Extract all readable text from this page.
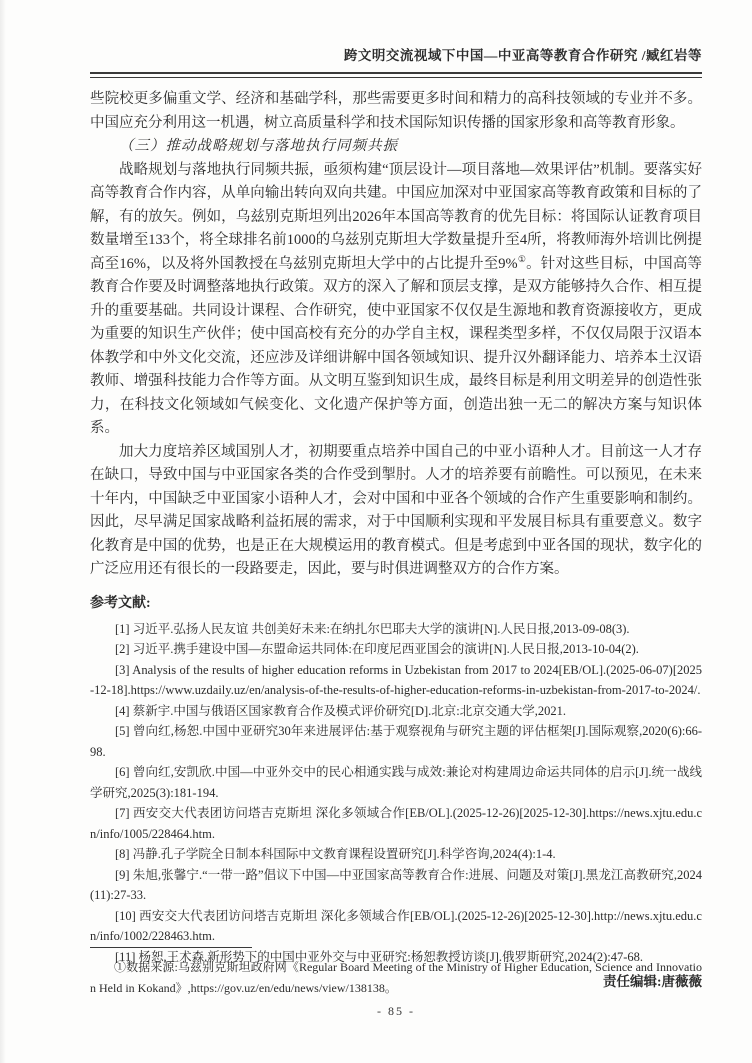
跨文明交流视域下中国—中亚高等教育合作研究 /臧红岩等

些院校更多偏重文学、经济和基础学科，那些需要更多时间和精力的高科技领域的专业并不多。中国应充分利用这一机遇，树立高质量科学和技术国际知识传播的国家形象和高等教育形象。

（三）推动战略规划与落地执行同频共振

战略规划与落地执行同频共振，亟须构建“顶层设计—项目落地—效果评估”机制。要落实好高等教育合作内容，从单向输出转向双向共建。中国应加深对中亚国家高等教育政策和目标的了解，有的放矢。例如，乌兹别克斯坦列出2026年本国高等教育的优先目标：将国际认证教育项目数量增至133个，将全球排名前1000的乌兹别克斯坦大学数量提升至4所，将教师海外培训比例提高至16%，以及将外国教授在乌兹别克斯坦大学中的占比提升至9%①。针对这些目标，中国高等教育合作要及时调整落地执行政策。双方的深入了解和顶层支撑，是双方能够持久合作、相互提升的重要基础。共同设计课程、合作研究，使中亚国家不仅仅是生源地和教育资源接收方，更成为重要的知识生产伙伴；使中国高校有充分的办学自主权，课程类型多样，不仅仅局限于汉语本体教学和中外文化交流，还应涉及详细讲解中国各领域知识、提升汉外翻译能力、培养本土汉语教师、增强科技能力合作等方面。从文明互鉴到知识生成，最终目标是利用文明差异的创造性张力，在科技文化领域如气候变化、文化遗产保护等方面，创造出独一无二的解决方案与知识体系。

加大力度培养区域国别人才，初期要重点培养中国自己的中亚小语种人才。目前这一人才存在缺口，导致中国与中亚国家各类的合作受到掣肘。人才的培养要有前瞻性。可以预见，在未来十年内，中国缺乏中亚国家小语种人才，会对中国和中亚各个领域的合作产生重要影响和制约。因此，尽早满足国家战略利益拓展的需求，对于中国顺利实现和平发展目标具有重要意义。数字化教育是中国的优势，也是正在大规模运用的教育模式。但是考虑到中亚各国的现状，数字化的广泛应用还有很长的一段路要走，因此，要与时俱进调整双方的合作方案。

参考文献:

[1] 习近平.弘扬人民友谊 共创美好未来:在纳扎尔巴耶夫大学的演讲[N].人民日报,2013-09-08(3).

[2] 习近平.携手建设中国—东盟命运共同体:在印度尼西亚国会的演讲[N].人民日报,2013-10-04(2).

[3] Analysis of the results of higher education reforms in Uzbekistan from 2017 to 2024[EB/OL].(2025-06-07)[2025-12-18].https://www.uzdaily.uz/en/analysis-of-the-results-of-higher-education-reforms-in-uzbekistan-from-2017-to-2024/.

[4] 蔡新宇.中国与俄语区国家教育合作及模式评价研究[D].北京:北京交通大学,2021.

[5] 曾向红,杨恕.中国中亚研究30年来进展评估:基于观察视角与研究主题的评估框架[J].国际观察,2020(6):66-98.

[6] 曾向红,安凯欣.中国—中亚外交中的民心相通实践与成效:兼论对构建周边命运共同体的启示[J].统一战线学研究,2025(3):181-194.

[7] 西安交大代表团访问塔吉克斯坦 深化多领域合作[EB/OL].(2025-12-26)[2025-12-30].https://news.xjtu.edu.cn/info/1005/228464.htm.

[8] 冯静.孔子学院全日制本科国际中文教育课程设置研究[J].科学咨询,2024(4):1-4.

[9] 朱旭,张馨宁.“一带一路”倡议下中国—中亚国家高等教育合作:进展、问题及对策[J].黑龙江高教研究,2024(11):27-33.

[10] 西安交大代表团访问塔吉克斯坦 深化多领域合作[EB/OL].(2025-12-26)[2025-12-30].http://news.xjtu.edu.cn/info/1002/228463.htm.

[11] 杨恕,王术森.新形势下的中国中亚外交与中亚研究:杨恕教授访谈[J].俄罗斯研究,2024(2):47-68.

责任编辑:唐薇薇

①数据来源:乌兹别克斯坦政府网《Regular Board Meeting of the Ministry of Higher Education, Science and Innovation Held in Kokand》,https://gov.uz/en/edu/news/view/138138。

- 85 -
